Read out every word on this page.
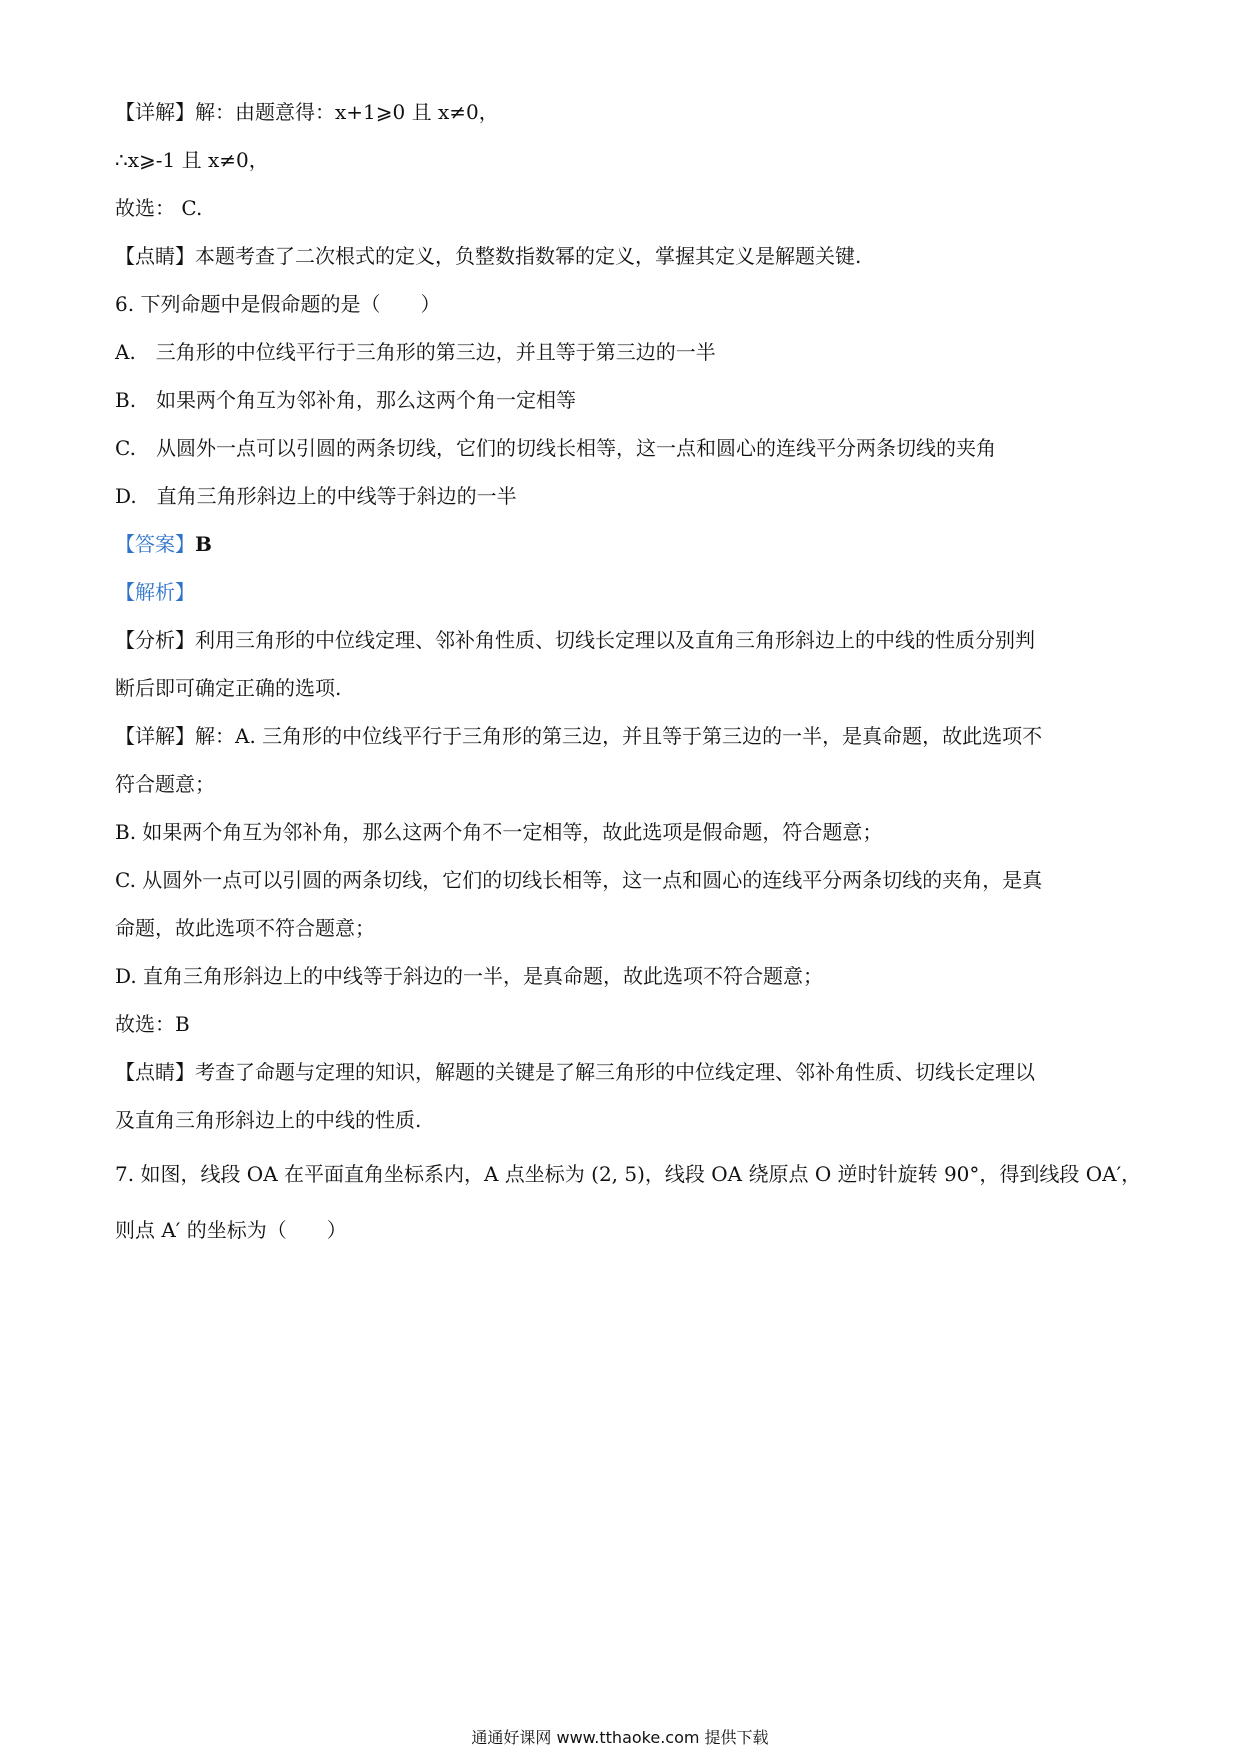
【详解】解：由题意得：x+1⩾0 且 x≠0，
∴x⩾-1 且 x≠0，
故选： C.
【点睛】本题考查了二次根式的定义，负整数指数幂的定义，掌握其定义是解题关键.
6. 下列命题中是假命题的是（　　）
A.　三角形的中位线平行于三角形的第三边，并且等于第三边的一半
B.　如果两个角互为邻补角，那么这两个角一定相等
C.　从圆外一点可以引圆的两条切线，它们的切线长相等，这一点和圆心的连线平分两条切线的夹角
D.　直角三角形斜边上的中线等于斜边的一半
【答案】B
【解析】
【分析】利用三角形的中位线定理、邻补角性质、切线长定理以及直角三角形斜边上的中线的性质分别判
断后即可确定正确的选项.
【详解】解：A. 三角形的中位线平行于三角形的第三边，并且等于第三边的一半，是真命题，故此选项不
符合题意；
B. 如果两个角互为邻补角，那么这两个角不一定相等，故此选项是假命题，符合题意；
C. 从圆外一点可以引圆的两条切线，它们的切线长相等，这一点和圆心的连线平分两条切线的夹角，是真
命题，故此选项不符合题意；
D. 直角三角形斜边上的中线等于斜边的一半，是真命题，故此选项不符合题意；
故选：B
【点睛】考查了命题与定理的知识，解题的关键是了解三角形的中位线定理、邻补角性质、切线长定理以
及直角三角形斜边上的中线的性质.
7. 如图，线段 OA 在平面直角坐标系内，A 点坐标为 (2, 5)，线段 OA 绕原点 O 逆时针旋转 90°，得到线段 OA′，
则点 A′ 的坐标为（　　）
通通好课网 www.tthaoke.com 提供下载
